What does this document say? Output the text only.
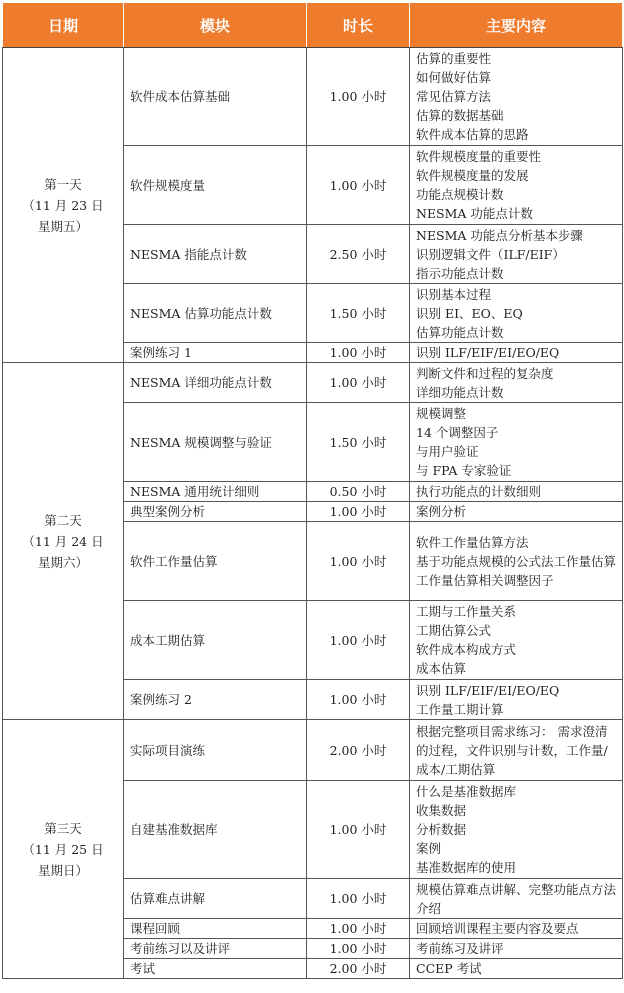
日期	模块	时长	主要内容

第一天
（11 月 23 日
星期五）	软件成本估算基础	1.00 小时	估算的重要性
如何做好估算
常见估算方法
估算的数据基础
软件成本估算的思路

	软件规模度量	1.00 小时	软件规模度量的重要性
软件规模度量的发展
功能点规模计数
NESMA 功能点计数

	NESMA 指能点计数	2.50 小时	NESMA 功能点分析基本步骤
识别逻辑文件（ILF/EIF）
指示功能点计数

	NESMA 估算功能点计数	1.50 小时	识别基本过程
识别 EI、EO、EQ
估算功能点计数

	案例练习 1	1.00 小时	识别 ILF/EIF/EI/EO/EQ

第二天
（11 月 24 日
星期六）	NESMA 详细功能点计数	1.00 小时	判断文件和过程的复杂度
详细功能点计数

	NESMA 规模调整与验证	1.50 小时	规模调整
14 个调整因子
与用户验证
与 FPA 专家验证

	NESMA 通用统计细则	0.50 小时	执行功能点的计数细则

	典型案例分析	1.00 小时	案例分析

	软件工作量估算	1.00 小时	软件工作量估算方法
基于功能点规模的公式法工作量估算
工作量估算相关调整因子

	成本工期估算	1.00 小时	工期与工作量关系
工期估算公式
软件成本构成方式
成本估算

	案例练习 2	1.00 小时	识别 ILF/EIF/EI/EO/EQ
工作量工期计算

第三天
（11 月 25 日
星期日）	实际项目演练	2.00 小时	根据完整项目需求练习： 需求澄清的过程，文件识别与计数，工作量/成本/工期估算

	自建基准数据库	1.00 小时	什么是基准数据库
收集数据
分析数据
案例
基准数据库的使用

	估算难点讲解	1.00 小时	规模估算难点讲解、完整功能点方法介绍

	课程回顾	1.00 小时	回顾培训课程主要内容及要点

	考前练习以及讲评	1.00 小时	考前练习及讲评

	考试	2.00 小时	CCEP 考试
